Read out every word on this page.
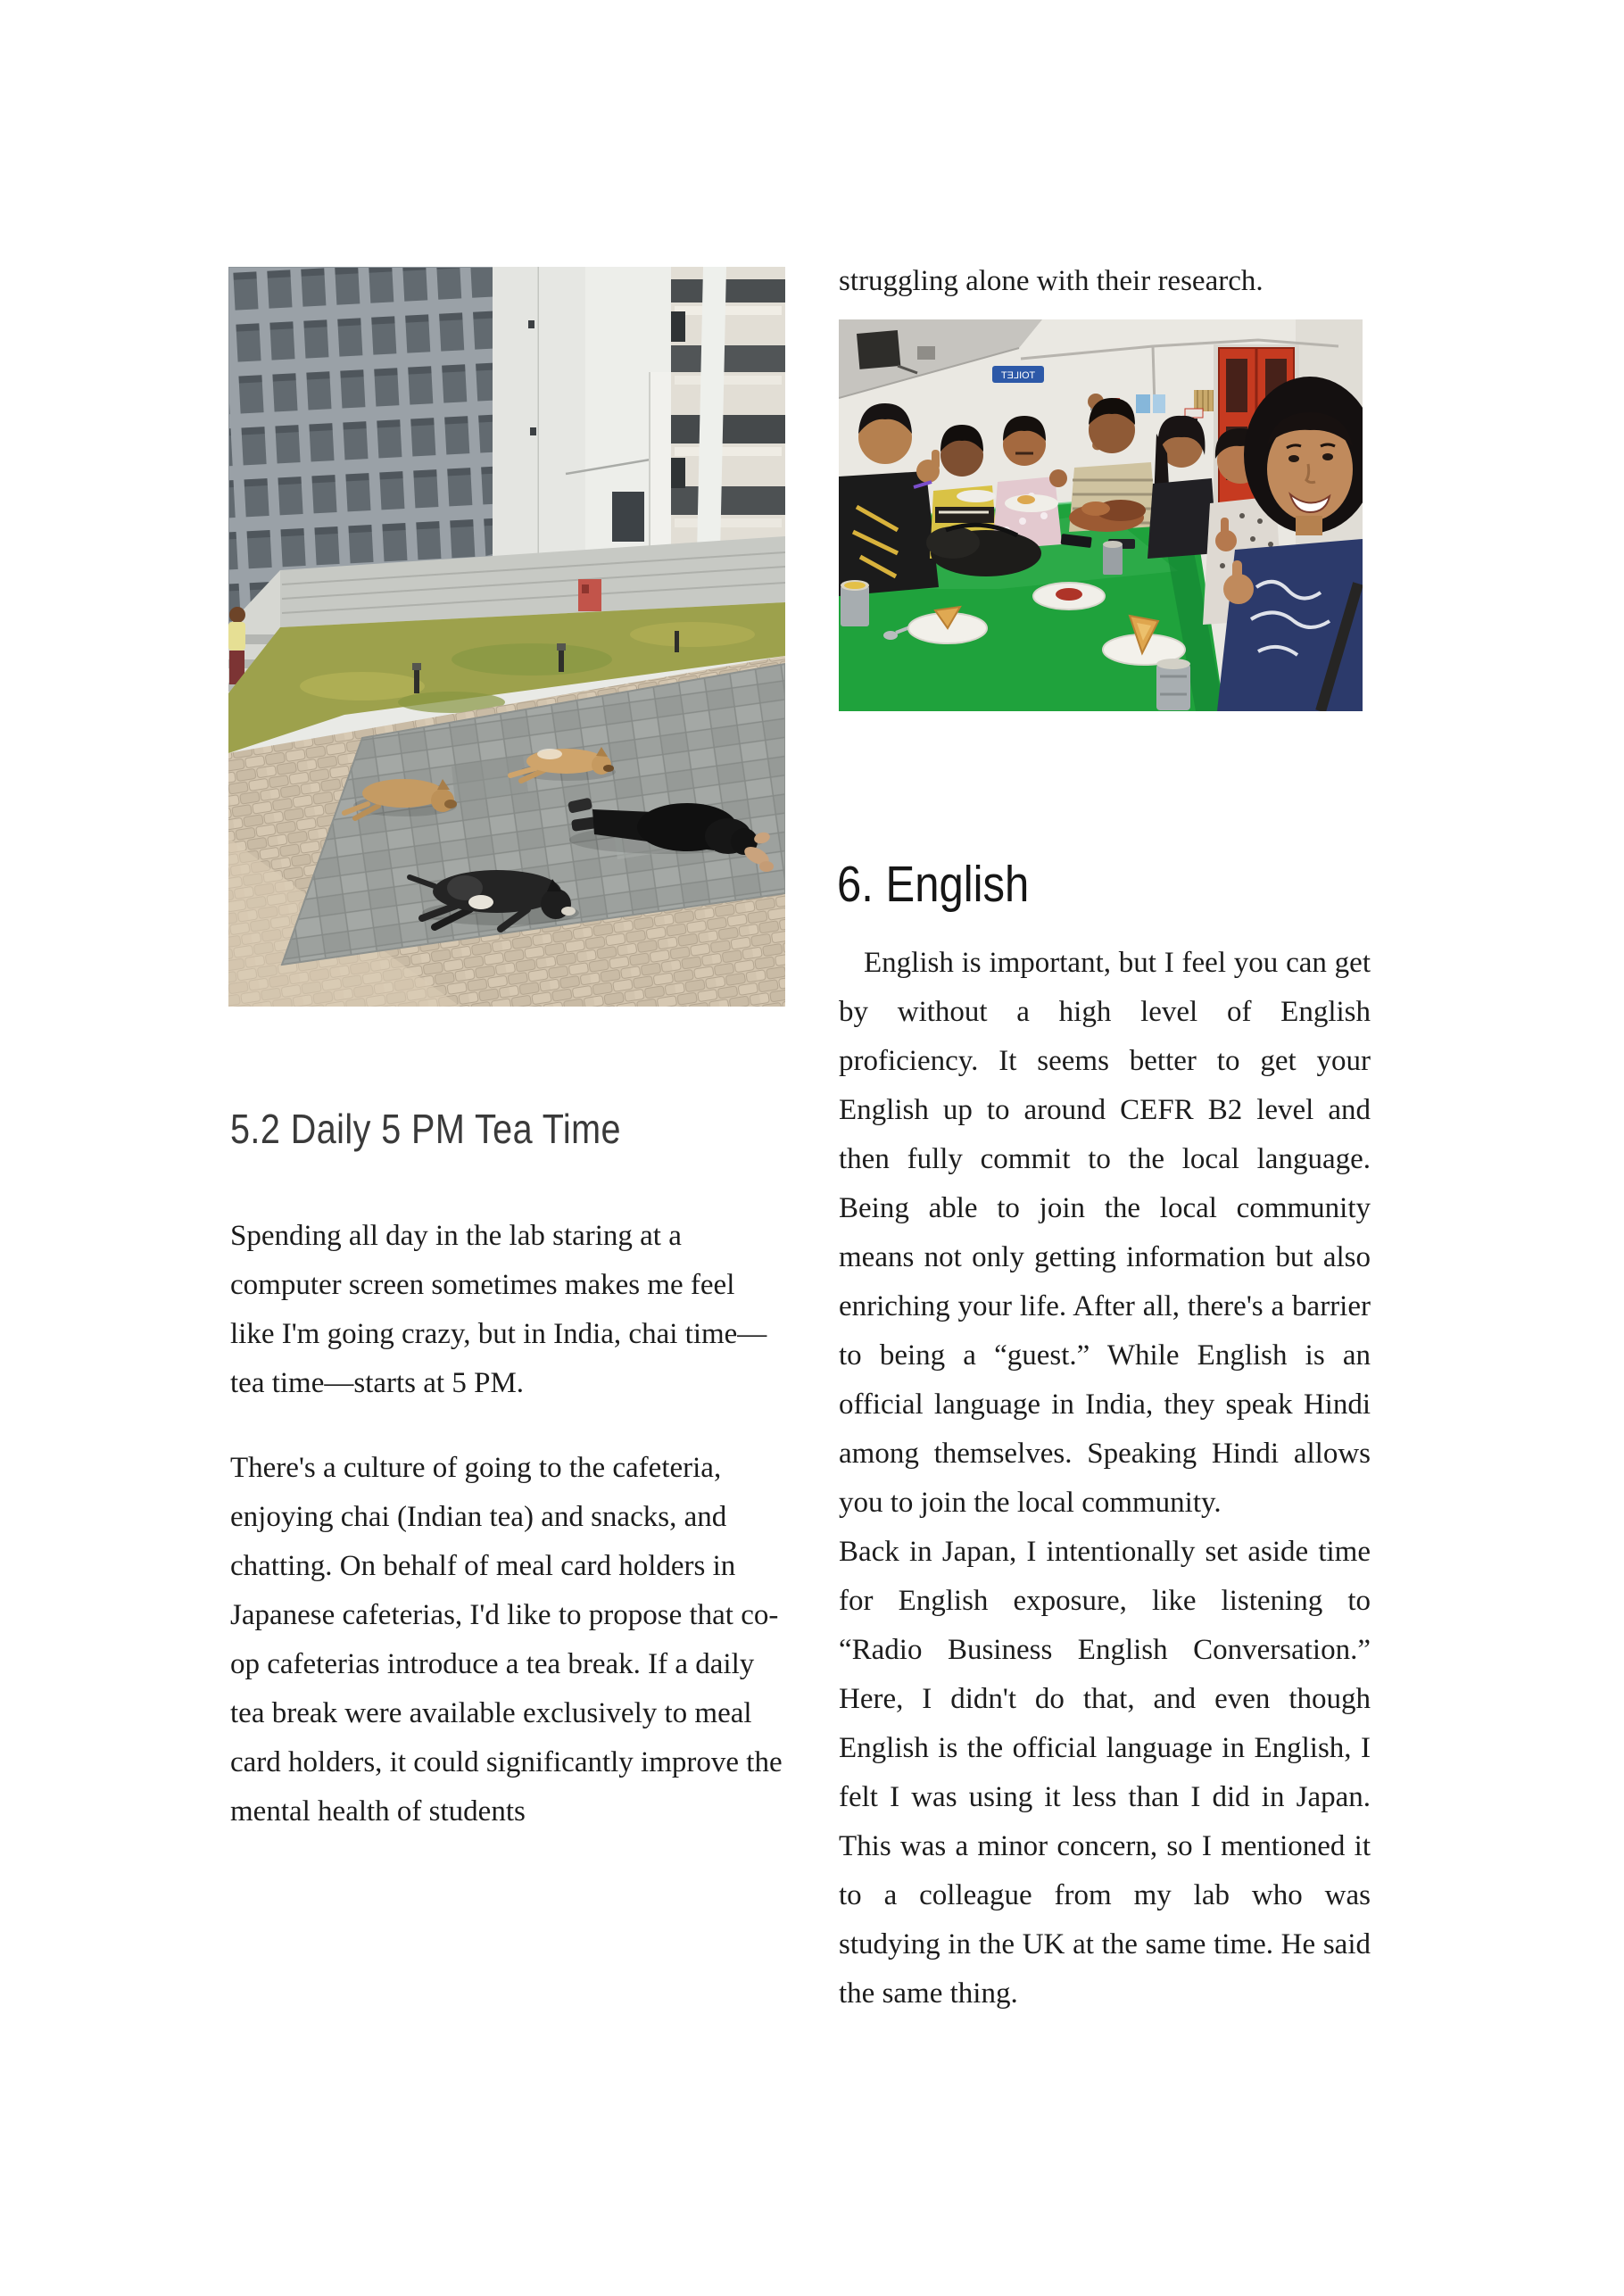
5.2 Daily 5 PM Tea Time

Spending all day in the lab staring at a computer screen sometimes makes me feel like I'm going crazy, but in India, chai time—tea time—starts at 5 PM.

There's a culture of going to the cafeteria, enjoying chai (Indian tea) and snacks, and chatting. On behalf of meal card holders in Japanese cafeterias, I'd like to propose that co-op cafeterias introduce a tea break. If a daily tea break were available exclusively to meal card holders, it could significantly improve the mental health of students

struggling alone with their research.

TOILET
6. English

English is important, but I feel you can get by without a high level of English proficiency. It seems better to get your English up to around CEFR B2 level and then fully commit to the local language. Being able to join the local community means not only getting information but also enriching your life. After all, there's a barrier to being a “guest.” While English is an official language in India, they speak Hindi among themselves. Speaking Hindi allows you to join the local community.

Back in Japan, I intentionally set aside time for English exposure, like listening to “Radio Business English Conversation.” Here, I didn't do that, and even though English is the official language in English, I felt I was using it less than I did in Japan. This was a minor concern, so I mentioned it to a colleague from my lab who was studying in the UK at the same time. He said the same thing.
